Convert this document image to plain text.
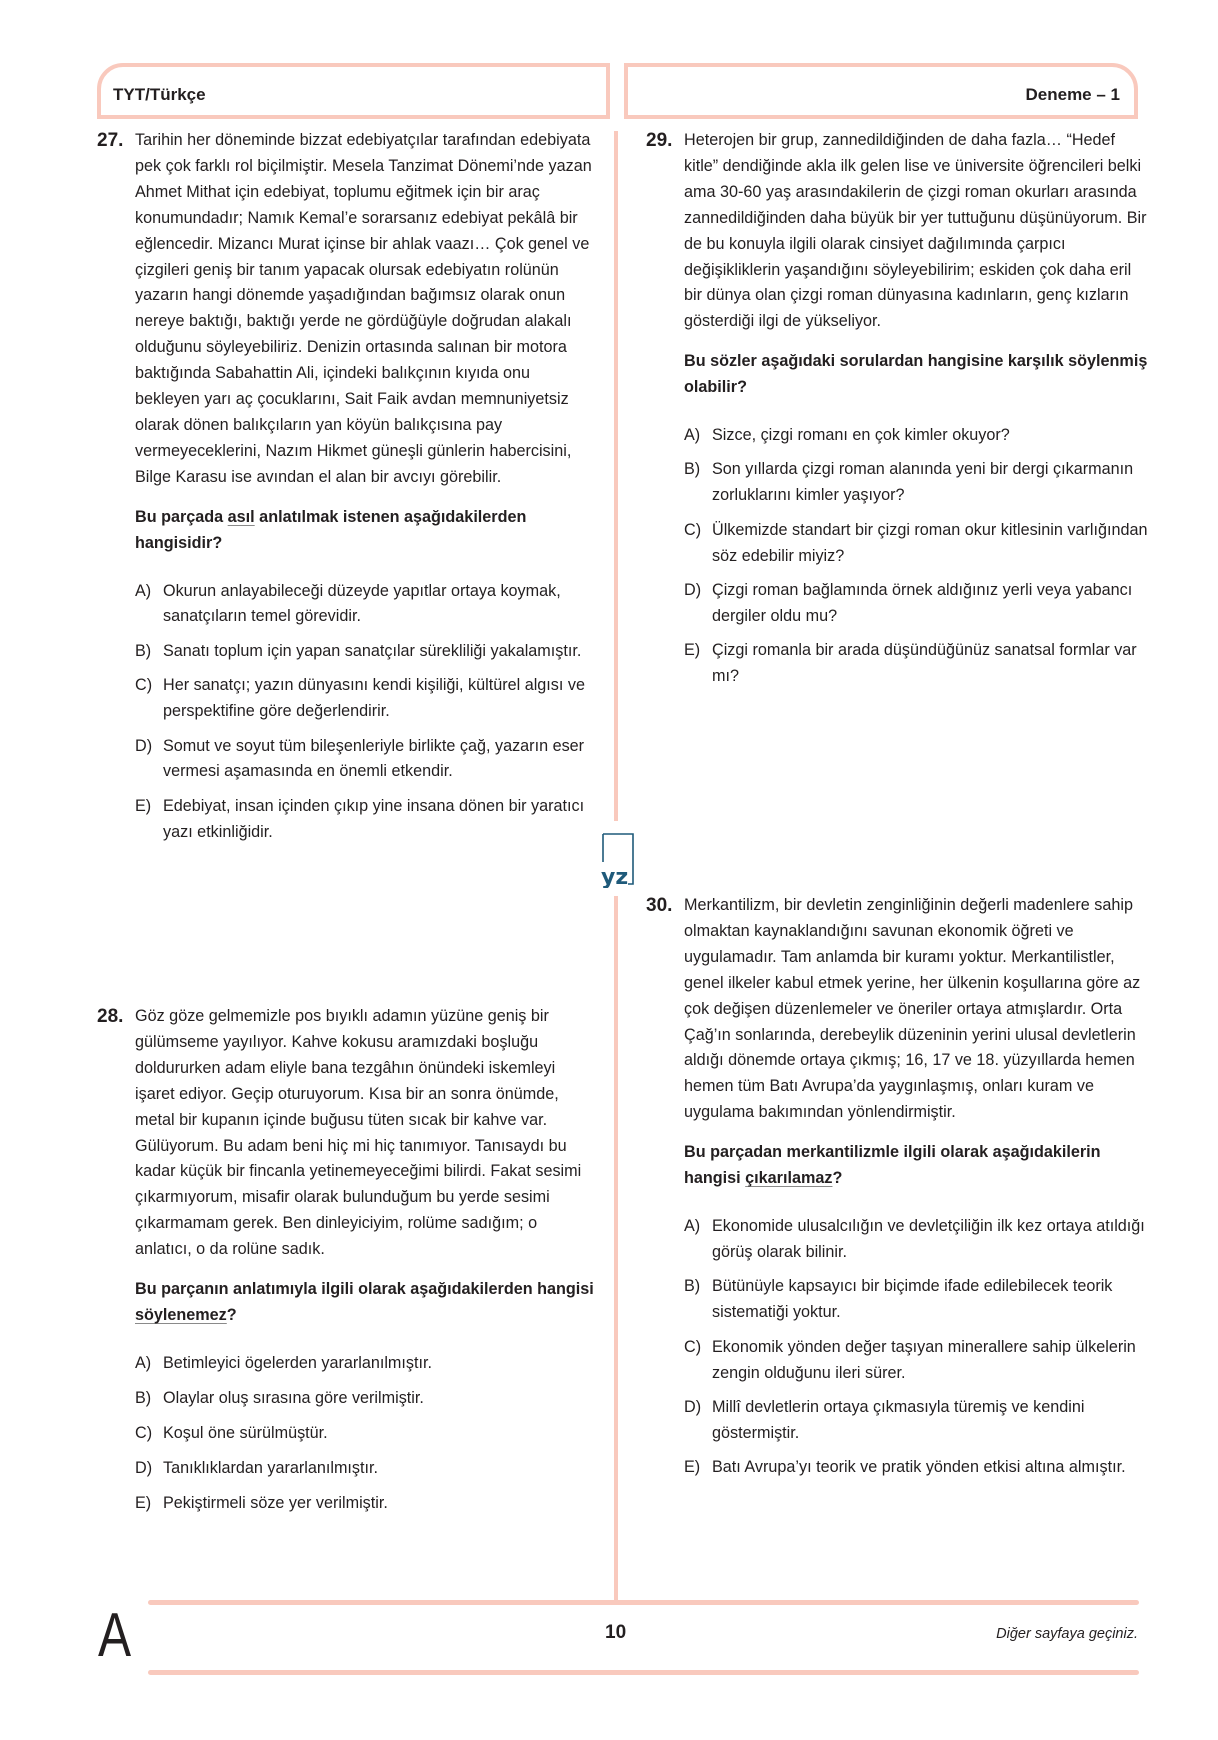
TYT/Türkçe	Deneme – 1
yz
27. Tarihin her döneminde bizzat edebiyatçılar tarafından edebiyata pek çok farklı rol biçilmiştir. Mesela Tanzimat Dönemi’nde yazan Ahmet Mithat için edebiyat, toplumu eğitmek için bir araç konumundadır; Namık Kemal’e sorarsanız edebiyat pekâlâ bir eğlencedir. Mizancı Murat içinse bir ahlak vaazı… Çok genel ve çizgileri geniş bir tanım yapacak olursak edebiyatın rolünün yazarın hangi dönemde yaşadığından bağımsız olarak onun nereye baktığı, baktığı yerde ne gördüğüyle doğrudan alakalı olduğunu söyleyebiliriz. Denizin ortasında salınan bir motora baktığında Sabahattin Ali, içindeki balıkçının kıyıda onu bekleyen yarı aç çocuklarını, Sait Faik avdan memnuniyetsiz olarak dönen balıkçıların yan köyün balıkçısına pay vermeyeceklerini, Nazım Hikmet güneşli günlerin habercisini, Bilge Karasu ise avından el alan bir avcıyı görebilir.

Bu parçada asıl anlatılmak istenen aşağıdakilerden hangisidir?

A) Okurun anlayabileceği düzeyde yapıtlar ortaya koymak, sanatçıların temel görevidir.
B) Sanatı toplum için yapan sanatçılar sürekliliği yakalamıştır.
C) Her sanatçı; yazın dünyasını kendi kişiliği, kültürel algısı ve perspektifine göre değerlendirir.
D) Somut ve soyut tüm bileşenleriyle birlikte çağ, yazarın eser vermesi aşamasında en önemli etkendir.
E) Edebiyat, insan içinden çıkıp yine insana dönen bir yaratıcı yazı etkinliğidir.
28. Göz göze gelmemizle pos bıyıklı adamın yüzüne geniş bir gülümseme yayılıyor. Kahve kokusu aramızdaki boşluğu doldururken adam eliyle bana tezgâhın önündeki iskemleyi işaret ediyor. Geçip oturuyorum. Kısa bir an sonra önümde, metal bir kupanın içinde buğusu tüten sıcak bir kahve var. Gülüyorum. Bu adam beni hiç mi hiç tanımıyor. Tanısaydı bu kadar küçük bir fincanla yetinemeyeceğimi bilirdi. Fakat sesimi çıkarmıyorum, misafir olarak bulunduğum bu yerde sesimi çıkarmamam gerek. Ben dinleyiciyim, rolüme sadığım; o anlatıcı, o da rolüne sadık.

Bu parçanın anlatımıyla ilgili olarak aşağıdakilerden hangisi söylenemez?

A) Betimleyici ögelerden yararlanılmıştır.
B) Olaylar oluş sırasına göre verilmiştir.
C) Koşul öne sürülmüştür.
D) Tanıklıklardan yararlanılmıştır.
E) Pekiştirmeli söze yer verilmiştir.
29. Heterojen bir grup, zannedildiğinden de daha fazla… “Hedef kitle” dendiğinde akla ilk gelen lise ve üniversite öğrencileri belki ama 30-60 yaş arasındakilerin de çizgi roman okurları arasında zannedildiğinden daha büyük bir yer tuttuğunu düşünüyorum. Bir de bu konuyla ilgili olarak cinsiyet dağılımında çarpıcı değişikliklerin yaşandığını söyleyebilirim; eskiden çok daha eril bir dünya olan çizgi roman dünyasına kadınların, genç kızların gösterdiği ilgi de yükseliyor.

Bu sözler aşağıdaki sorulardan hangisine karşılık söylenmiş olabilir?

A) Sizce, çizgi romanı en çok kimler okuyor?
B) Son yıllarda çizgi roman alanında yeni bir dergi çıkarmanın zorluklarını kimler yaşıyor?
C) Ülkemizde standart bir çizgi roman okur kitlesinin varlığından söz edebilir miyiz?
D) Çizgi roman bağlamında örnek aldığınız yerli veya yabancı dergiler oldu mu?
E) Çizgi romanla bir arada düşündüğünüz sanatsal formlar var mı?
30. Merkantilizm, bir devletin zenginliğinin değerli madenlere sahip olmaktan kaynaklandığını savunan ekonomik öğreti ve uygulamadır. Tam anlamda bir kuramı yoktur. Merkantilistler, genel ilkeler kabul etmek yerine, her ülkenin koşullarına göre az çok değişen düzenlemeler ve öneriler ortaya atmışlardır. Orta Çağ’ın sonlarında, derebeylik düzeninin yerini ulusal devletlerin aldığı dönemde ortaya çıkmış; 16, 17 ve 18. yüzyıllarda hemen hemen tüm Batı Avrupa’da yaygınlaşmış, onları kuram ve uygulama bakımından yönlendirmiştir.

Bu parçadan merkantilizmle ilgili olarak aşağıdakilerin hangisi çıkarılamaz?

A) Ekonomide ulusalcılığın ve devletçiliğin ilk kez ortaya atıldığı görüş olarak bilinir.
B) Bütünüyle kapsayıcı bir biçimde ifade edilebilecek teorik sistematiği yoktur.
C) Ekonomik yönden değer taşıyan minerallere sahip ülkelerin zengin olduğunu ileri sürer.
D) Millî devletlerin ortaya çıkmasıyla türemiş ve kendini göstermiştir.
E) Batı Avrupa’yı teorik ve pratik yönden etkisi altına almıştır.
A	10	Diğer sayfaya geçiniz.
